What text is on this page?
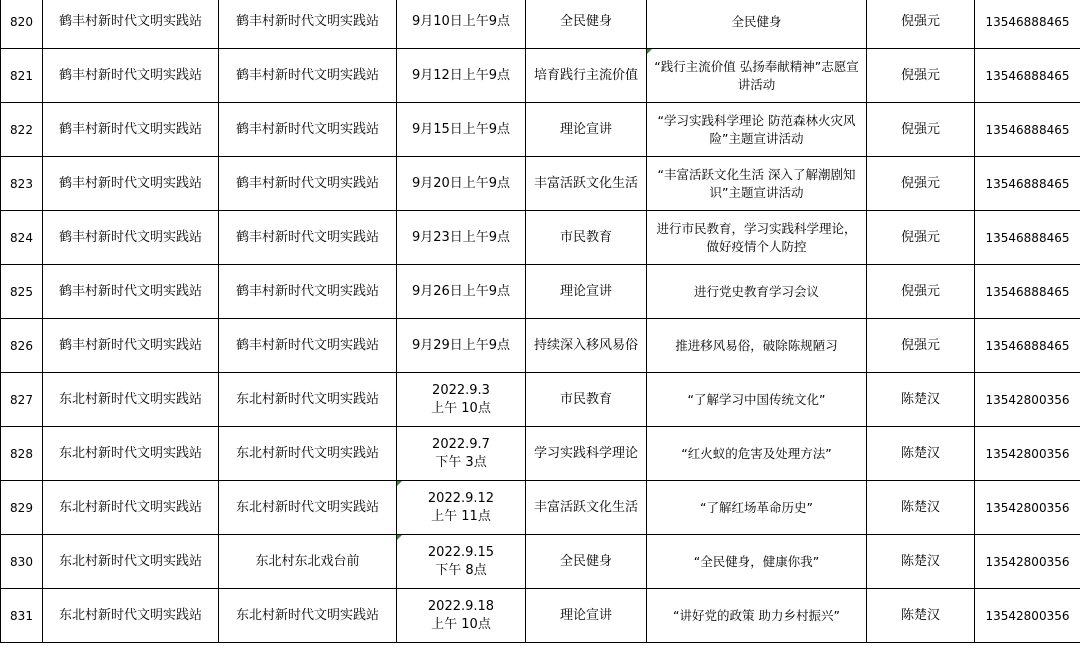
820	鹤丰村新时代文明实践站	鹤丰村新时代文明实践站	9月10日上午9点	全民健身	全民健身	倪强元	13546888465
821	鹤丰村新时代文明实践站	鹤丰村新时代文明实践站	9月12日上午9点	培育践行主流价值	“践行主流价值 弘扬奉献精神”志愿宣
讲活动	倪强元	13546888465
822	鹤丰村新时代文明实践站	鹤丰村新时代文明实践站	9月15日上午9点	理论宣讲	“学习实践科学理论 防范森林火灾风
险”主题宣讲活动	倪强元	13546888465
823	鹤丰村新时代文明实践站	鹤丰村新时代文明实践站	9月20日上午9点	丰富活跃文化生活	“丰富活跃文化生活 深入了解潮剧知
识”主题宣讲活动	倪强元	13546888465
824	鹤丰村新时代文明实践站	鹤丰村新时代文明实践站	9月23日上午9点	市民教育	进行市民教育，学习实践科学理论，
做好疫情个人防控	倪强元	13546888465
825	鹤丰村新时代文明实践站	鹤丰村新时代文明实践站	9月26日上午9点	理论宣讲	进行党史教育学习会议	倪强元	13546888465
826	鹤丰村新时代文明实践站	鹤丰村新时代文明实践站	9月29日上午9点	持续深入移风易俗	推进移风易俗，破除陈规陋习	倪强元	13546888465
827	东北村新时代文明实践站	东北村新时代文明实践站	2022.9.3
上午 10点	市民教育	“了解学习中国传统文化”	陈楚汉	13542800356
828	东北村新时代文明实践站	东北村新时代文明实践站	2022.9.7
下午 3点	学习实践科学理论	“红火蚁的危害及处理方法”	陈楚汉	13542800356
829	东北村新时代文明实践站	东北村新时代文明实践站	2022.9.12
上午 11点	丰富活跃文化生活	“了解红场革命历史”	陈楚汉	13542800356
830	东北村新时代文明实践站	东北村东北戏台前	2022.9.15
下午 8点	全民健身	“全民健身，健康你我”	陈楚汉	13542800356
831	东北村新时代文明实践站	东北村新时代文明实践站	2022.9.18
上午 10点	理论宣讲	“讲好党的政策 助力乡村振兴”	陈楚汉	13542800356
